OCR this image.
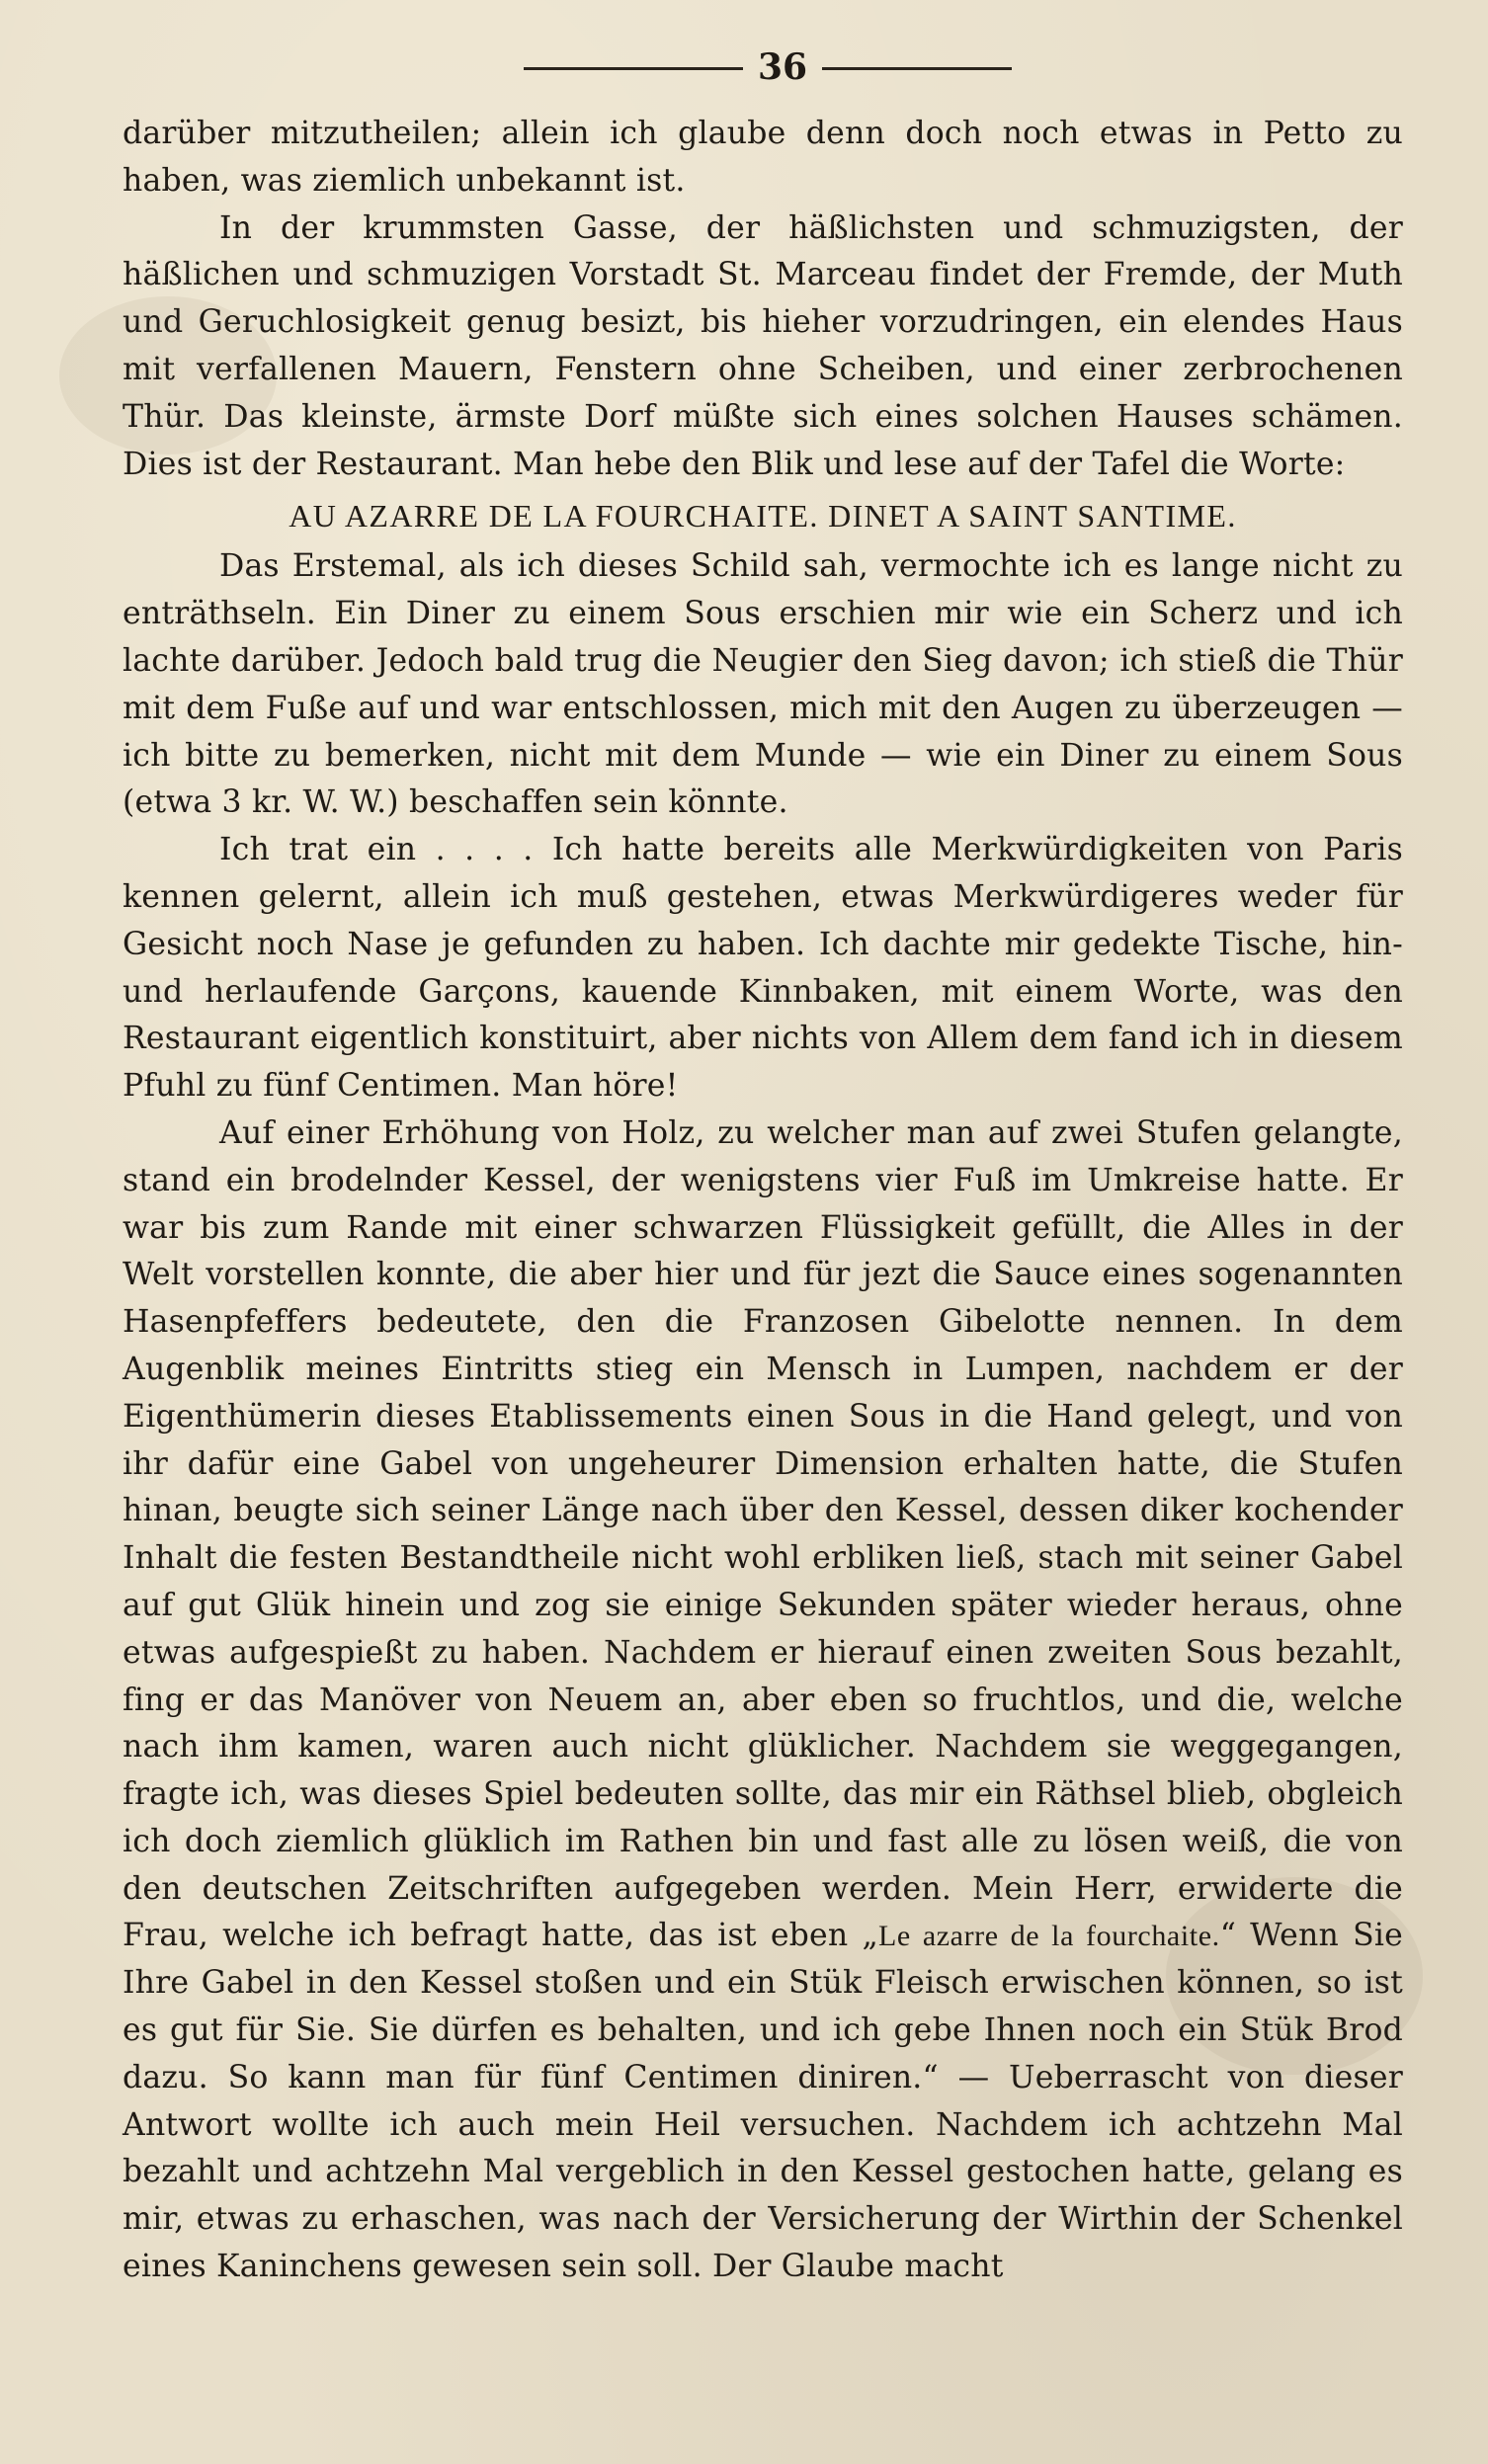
36

darüber mitzutheilen; allein ich glaube denn doch noch etwas in Petto zu haben, was ziemlich unbekannt ist.

In der krummsten Gasse, der häßlichsten und schmuzigsten, der häßlichen und schmuzigen Vorstadt St. Marceau findet der Fremde, der Muth und Geruchlosigkeit genug besizt, bis hieher vorzudringen, ein elendes Haus mit verfallenen Mauern, Fenstern ohne Scheiben, und einer zerbrochenen Thür. Das kleinste, ärmste Dorf müßte sich eines solchen Hauses schämen. Dies ist der Restaurant. Man hebe den Blik und lese auf der Tafel die Worte:

AU AZARRE DE LA FOURCHAITE. DINET A SAINT SANTIME.

Das Erstemal, als ich dieses Schild sah, vermochte ich es lange nicht zu enträthseln. Ein Diner zu einem Sous erschien mir wie ein Scherz und ich lachte darüber. Jedoch bald trug die Neugier den Sieg davon; ich stieß die Thür mit dem Fuße auf und war entschlossen, mich mit den Augen zu überzeugen — ich bitte zu bemerken, nicht mit dem Munde — wie ein Diner zu einem Sous (etwa 3 kr. W. W.) beschaffen sein könnte.

Ich trat ein . . . . Ich hatte bereits alle Merkwürdigkeiten von Paris kennen gelernt, allein ich muß gestehen, etwas Merkwürdigeres weder für Gesicht noch Nase je gefunden zu haben. Ich dachte mir gedekte Tische, hin- und herlaufende Garçons, kauende Kinnbaken, mit einem Worte, was den Restaurant eigentlich konstituirt, aber nichts von Allem dem fand ich in diesem Pfuhl zu fünf Centimen. Man höre!

Auf einer Erhöhung von Holz, zu welcher man auf zwei Stufen gelangte, stand ein brodelnder Kessel, der wenigstens vier Fuß im Umkreise hatte. Er war bis zum Rande mit einer schwarzen Flüssigkeit gefüllt, die Alles in der Welt vorstellen konnte, die aber hier und für jezt die Sauce eines sogenannten Hasenpfeffers bedeutete, den die Franzosen Gibelotte nennen. In dem Augenblik meines Eintritts stieg ein Mensch in Lumpen, nachdem er der Eigenthümerin dieses Etablissements einen Sous in die Hand gelegt, und von ihr dafür eine Gabel von ungeheurer Dimension erhalten hatte, die Stufen hinan, beugte sich seiner Länge nach über den Kessel, dessen diker kochender Inhalt die festen Bestandtheile nicht wohl erbliken ließ, stach mit seiner Gabel auf gut Glük hinein und zog sie einige Sekunden später wieder heraus, ohne etwas aufgespießt zu haben. Nachdem er hierauf einen zweiten Sous bezahlt, fing er das Manöver von Neuem an, aber eben so fruchtlos, und die, welche nach ihm kamen, waren auch nicht glüklicher. Nachdem sie weggegangen, fragte ich, was dieses Spiel bedeuten sollte, das mir ein Räthsel blieb, obgleich ich doch ziemlich glüklich im Rathen bin und fast alle zu lösen weiß, die von den deutschen Zeitschriften aufgegeben werden. Mein Herr, erwiderte die Frau, welche ich befragt hatte, das ist eben „Le azarre de la fourchaite.“ Wenn Sie Ihre Gabel in den Kessel stoßen und ein Stük Fleisch erwischen können, so ist es gut für Sie. Sie dürfen es behalten, und ich gebe Ihnen noch ein Stük Brod dazu. So kann man für fünf Centimen diniren.“ — Ueberrascht von dieser Antwort wollte ich auch mein Heil versuchen. Nachdem ich achtzehn Mal bezahlt und achtzehn Mal vergeblich in den Kessel gestochen hatte, gelang es mir, etwas zu erhaschen, was nach der Versicherung der Wirthin der Schenkel eines Kaninchens gewesen sein soll. Der Glaube macht
